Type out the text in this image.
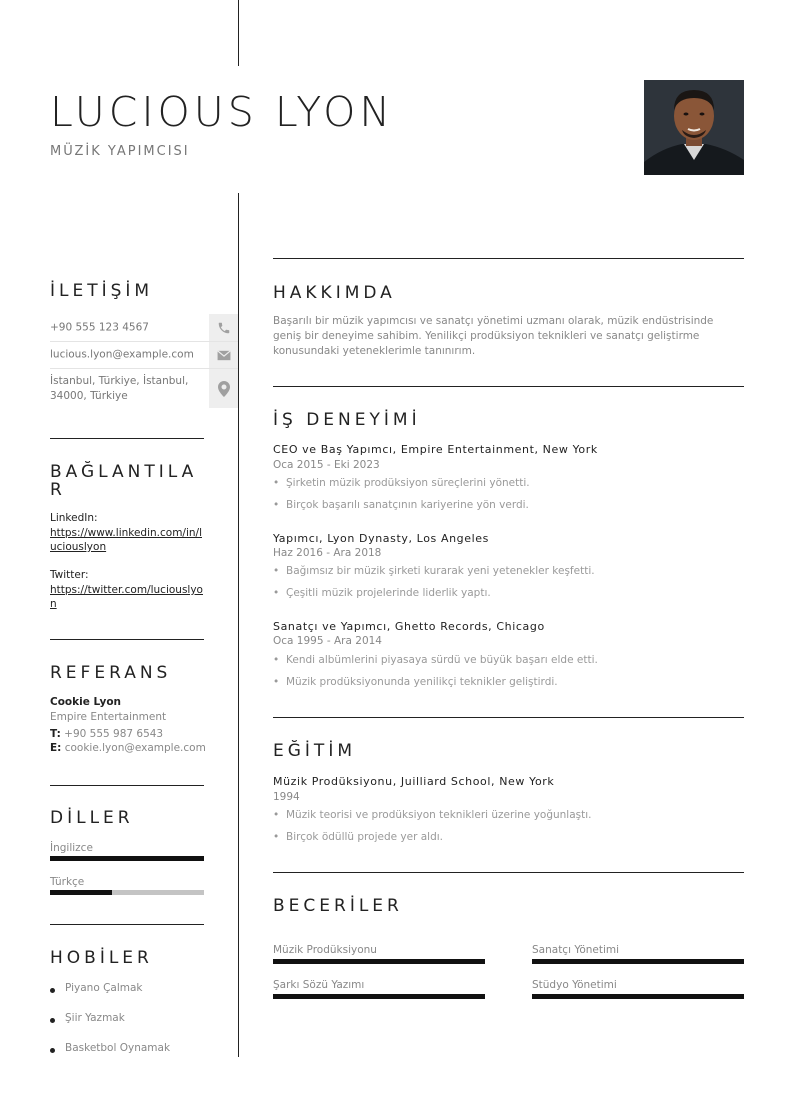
LUCIOUS LYON
MÜZİK YAPIMCISI
İLETİŞİM
+90 555 123 4567
lucious.lyon@example.com
İstanbul, Türkiye, İstanbul, 34000, Türkiye
BAĞLANTILA
R
LinkedIn:
https://www.linkedin.com/in/luciouslyon
Twitter:
https://twitter.com/luciouslyon
REFERANS
Cookie Lyon
Empire Entertainment
T: +90 555 987 6543
E: cookie.lyon@example.com
DİLLER
İngilizce
Türkçe
HOBİLER
Piyano Çalmak
Şiir Yazmak
Basketbol Oynamak
HAKKIMDA
Başarılı bir müzik yapımcısı ve sanatçı yönetimi uzmanı olarak, müzik endüstrisinde geniş bir deneyime sahibim. Yenilikçi prodüksiyon teknikleri ve sanatçı geliştirme konusundaki yeteneklerimle tanınırım.
İŞ DENEYİMİ
CEO ve Baş Yapımcı, Empire Entertainment, New York
Oca 2015 - Eki 2023
• Şirketin müzik prodüksiyon süreçlerini yönetti.
• Birçok başarılı sanatçının kariyerine yön verdi.
Yapımcı, Lyon Dynasty, Los Angeles
Haz 2016 - Ara 2018
• Bağımsız bir müzik şirketi kurarak yeni yetenekler keşfetti.
• Çeşitli müzik projelerinde liderlik yaptı.
Sanatçı ve Yapımcı, Ghetto Records, Chicago
Oca 1995 - Ara 2014
• Kendi albümlerini piyasaya sürdü ve büyük başarı elde etti.
• Müzik prodüksiyonunda yenilikçi teknikler geliştirdi.
EĞİTİM
Müzik Prodüksiyonu, Juilliard School, New York
1994
• Müzik teorisi ve prodüksiyon teknikleri üzerine yoğunlaştı.
• Birçok ödüllü projede yer aldı.
BECERİLER
Müzik Prodüksiyonu	Sanatçı Yönetimi
Şarkı Sözü Yazımı	Stüdyo Yönetimi
